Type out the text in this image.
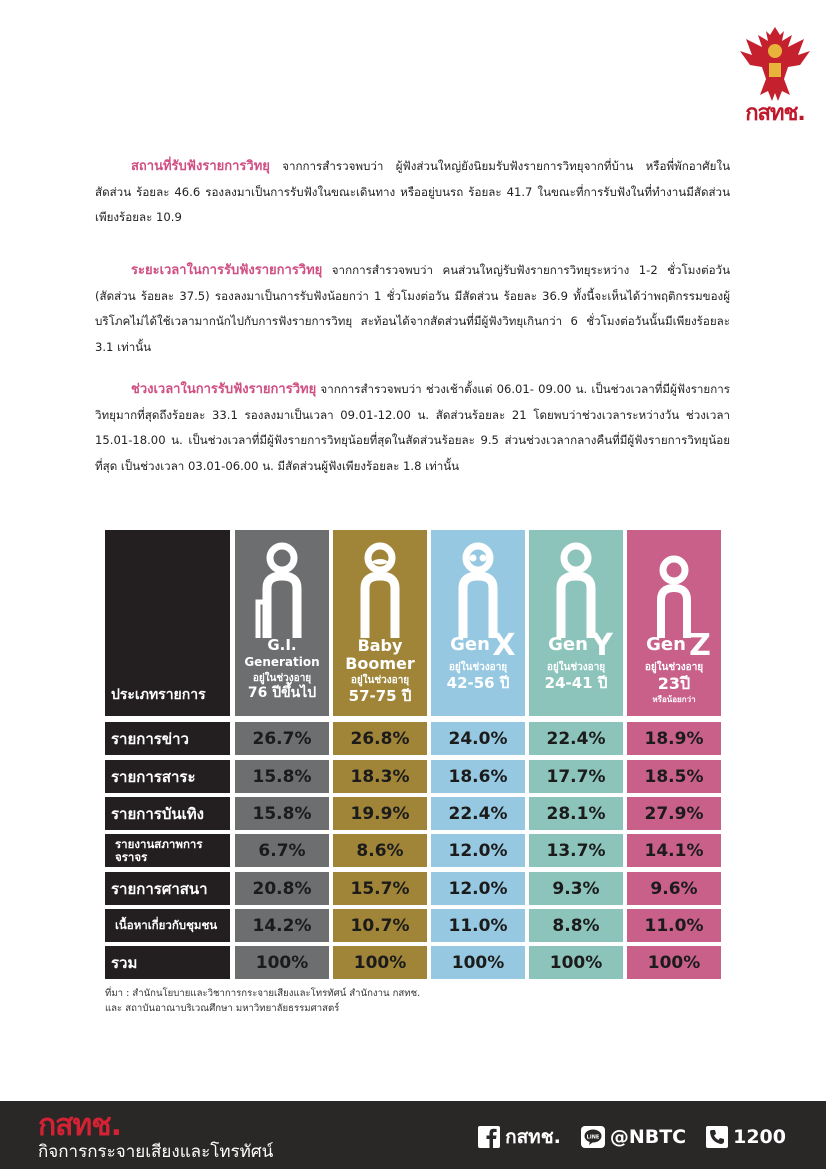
กสทช.

สถานที่รับฟังรายการวิทยุ จากการสำรวจพบว่า ผู้ฟังส่วนใหญ่ยังนิยมรับฟังรายการวิทยุจากที่บ้าน หรือพี่พักอาศัยในสัดส่วน ร้อยละ 46.6 รองลงมาเป็นการรับฟังในขณะเดินทาง หรืออยู่บนรถ ร้อยละ 41.7 ในขณะที่การรับฟังในที่ทำงานมีสัดส่วนเพียงร้อยละ 10.9

ระยะเวลาในการรับฟังรายการวิทยุ จากการสำรวจพบว่า คนส่วนใหญ่รับฟังรายการวิทยุระหว่าง 1-2 ชั่วโมงต่อวัน (สัดส่วน ร้อยละ 37.5) รองลงมาเป็นการรับฟังน้อยกว่า 1 ชั่วโมงต่อวัน มีสัดส่วน ร้อยละ 36.9 ทั้งนี้จะเห็นได้ว่าพฤติกรรมของผู้บริโภคไม่ได้ใช้เวลามากนักไปกับการฟังรายการวิทยุ สะท้อนได้จากสัดส่วนที่มีผู้ฟังวิทยุเกินกว่า 6 ชั่วโมงต่อวันนั้นมีเพียงร้อยละ 3.1 เท่านั้น

ช่วงเวลาในการรับฟังรายการวิทยุ จากการสำรวจพบว่า ช่วงเช้าตั้งแต่ 06.01- 09.00 น. เป็นช่วงเวลาที่มีผู้ฟังรายการวิทยุมากที่สุดถึงร้อยละ 33.1 รองลงมาเป็นเวลา 09.01-12.00 น. สัดส่วนร้อยละ 21 โดยพบว่าช่วงเวลาระหว่างวัน ช่วงเวลา 15.01-18.00 น. เป็นช่วงเวลาที่มีผู้ฟังรายการวิทยุน้อยที่สุดในสัดส่วนร้อยละ 9.5 ส่วนช่วงเวลากลางคืนที่มีผู้ฟังรายการวิทยุน้อยที่สุด เป็นช่วงเวลา 03.01-06.00 น. มีสัดส่วนผู้ฟังเพียงร้อยละ 1.8 เท่านั้น

ประเภทรายการ
G.I.
Generation
อยู่ในช่วงอายุ
76 ปีขึ้นไป
Baby
Boomer
อยู่ในช่วงอายุ
57-75 ปี
Gen X
อยู่ในช่วงอายุ
42-56 ปี
Gen Y
อยู่ในช่วงอายุ
24-41 ปี
Gen Z
อยู่ในช่วงอายุ
23ปี
หรือน้อยกว่า
รายการข่าว	26.7%	26.8%	24.0%	22.4%	18.9%
รายการสาระ	15.8%	18.3%	18.6%	17.7%	18.5%
รายการบันเทิง	15.8%	19.9%	22.4%	28.1%	27.9%
รายงานสภาพการจราจร	6.7%	8.6%	12.0%	13.7%	14.1%
รายการศาสนา	20.8%	15.7%	12.0%	9.3%	9.6%
เนื้อหาเกี่ยวกับชุมชน	14.2%	10.7%	11.0%	8.8%	11.0%
รวม	100%	100%	100%	100%	100%
ที่มา : สำนักนโยบายและวิชาการกระจายเสียงและโทรทัศน์ สำนักงาน กสทช.
และ สถาบันอาณาบริเวณศึกษา มหาวิทยาลัยธรรมศาสตร์
กสทช.
กิจการกระจายเสียงและโทรทัศน์
กสทช.	LINE @NBTC 1200
